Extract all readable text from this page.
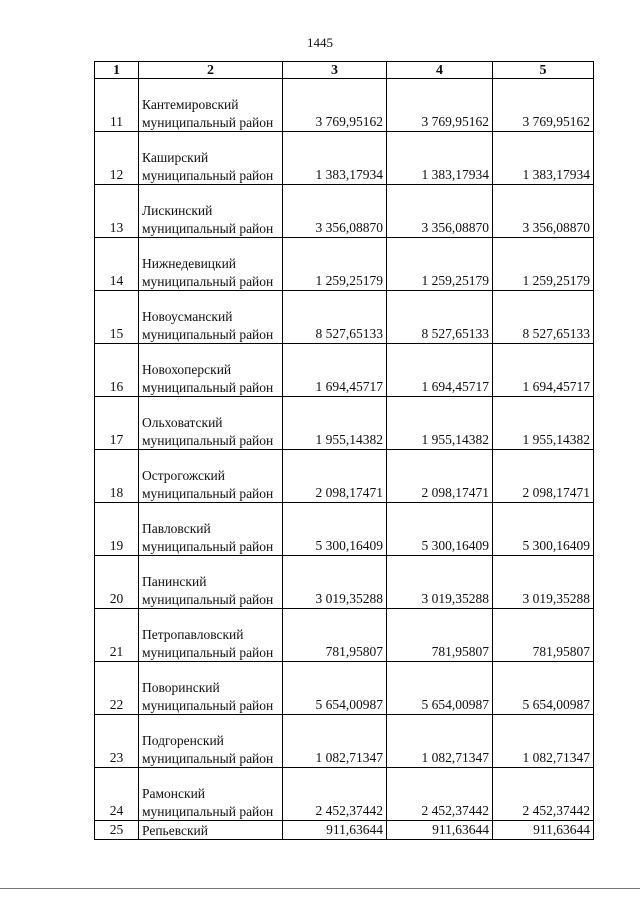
1445
1	2	3	4	5
11	Кантемировский муниципальный район	3 769,95162	3 769,95162	3 769,95162
12	Каширский муниципальный район	1 383,17934	1 383,17934	1 383,17934
13	Лискинский муниципальный район	3 356,08870	3 356,08870	3 356,08870
14	Нижнедевицкий муниципальный район	1 259,25179	1 259,25179	1 259,25179
15	Новоусманский муниципальный район	8 527,65133	8 527,65133	8 527,65133
16	Новохоперский муниципальный район	1 694,45717	1 694,45717	1 694,45717
17	Ольховатский муниципальный район	1 955,14382	1 955,14382	1 955,14382
18	Острогожский муниципальный район	2 098,17471	2 098,17471	2 098,17471
19	Павловский муниципальный район	5 300,16409	5 300,16409	5 300,16409
20	Панинский муниципальный район	3 019,35288	3 019,35288	3 019,35288
21	Петропавловский муниципальный район	781,95807	781,95807	781,95807
22	Поворинский муниципальный район	5 654,00987	5 654,00987	5 654,00987
23	Подгоренский муниципальный район	1 082,71347	1 082,71347	1 082,71347
24	Рамонский муниципальный район	2 452,37442	2 452,37442	2 452,37442
25	Репьевский	911,63644	911,63644	911,63644
